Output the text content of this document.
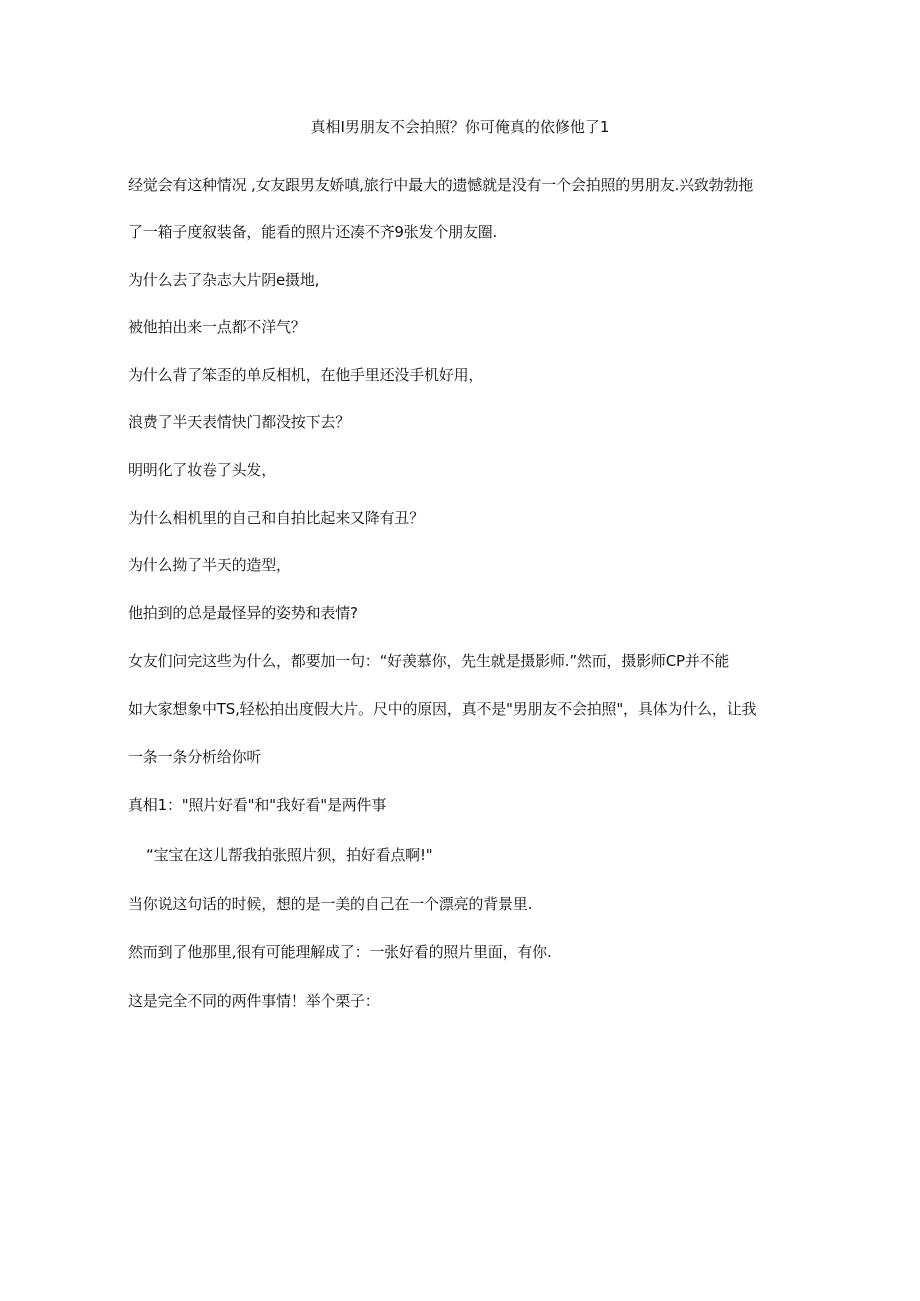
真相I男朋友不会拍照？你可俺真的依修他了1
经觉会有这种情况 ,女友跟男友娇嗔,旅行中最大的遗憾就是没有一个会拍照的男朋友.兴致勃勃拖
了一箱子度叙装备，能看的照片还凑不齐9张发个朋友圈.
为什么去了杂志大片阴e摄地,
被他拍出来一点都不洋气？
为什么背了笨歪的单反相机，在他手里还没手机好用，
浪费了半天表情快门都没按下去？
明明化了妆卷了头发，
为什么相机里的自己和自拍比起来又降有丑？
为什么拗了半天的造型，
他拍到的总是最怪异的姿势和表情?
女友们问完这些为什么，都要加一句：“好羡慕你，先生就是摄影师.”然而，摄影师CP并不能
如大家想象中TS,轻松拍出度假大片。尺中的原因，真不是"男朋友不会拍照"，具体为什么，让我
一条一条分析给你听
真相1："照片好看"和"我好看"是两件事
“宝宝在这儿帮我拍张照片狈，拍好看点啊!"
当你说这句话的时候，想的是一美的自己在一个漂亮的背景里.
然而到了他那里,很有可能理解成了：一张好看的照片里面，有你.
这是完全不同的两件事情！举个栗子：
